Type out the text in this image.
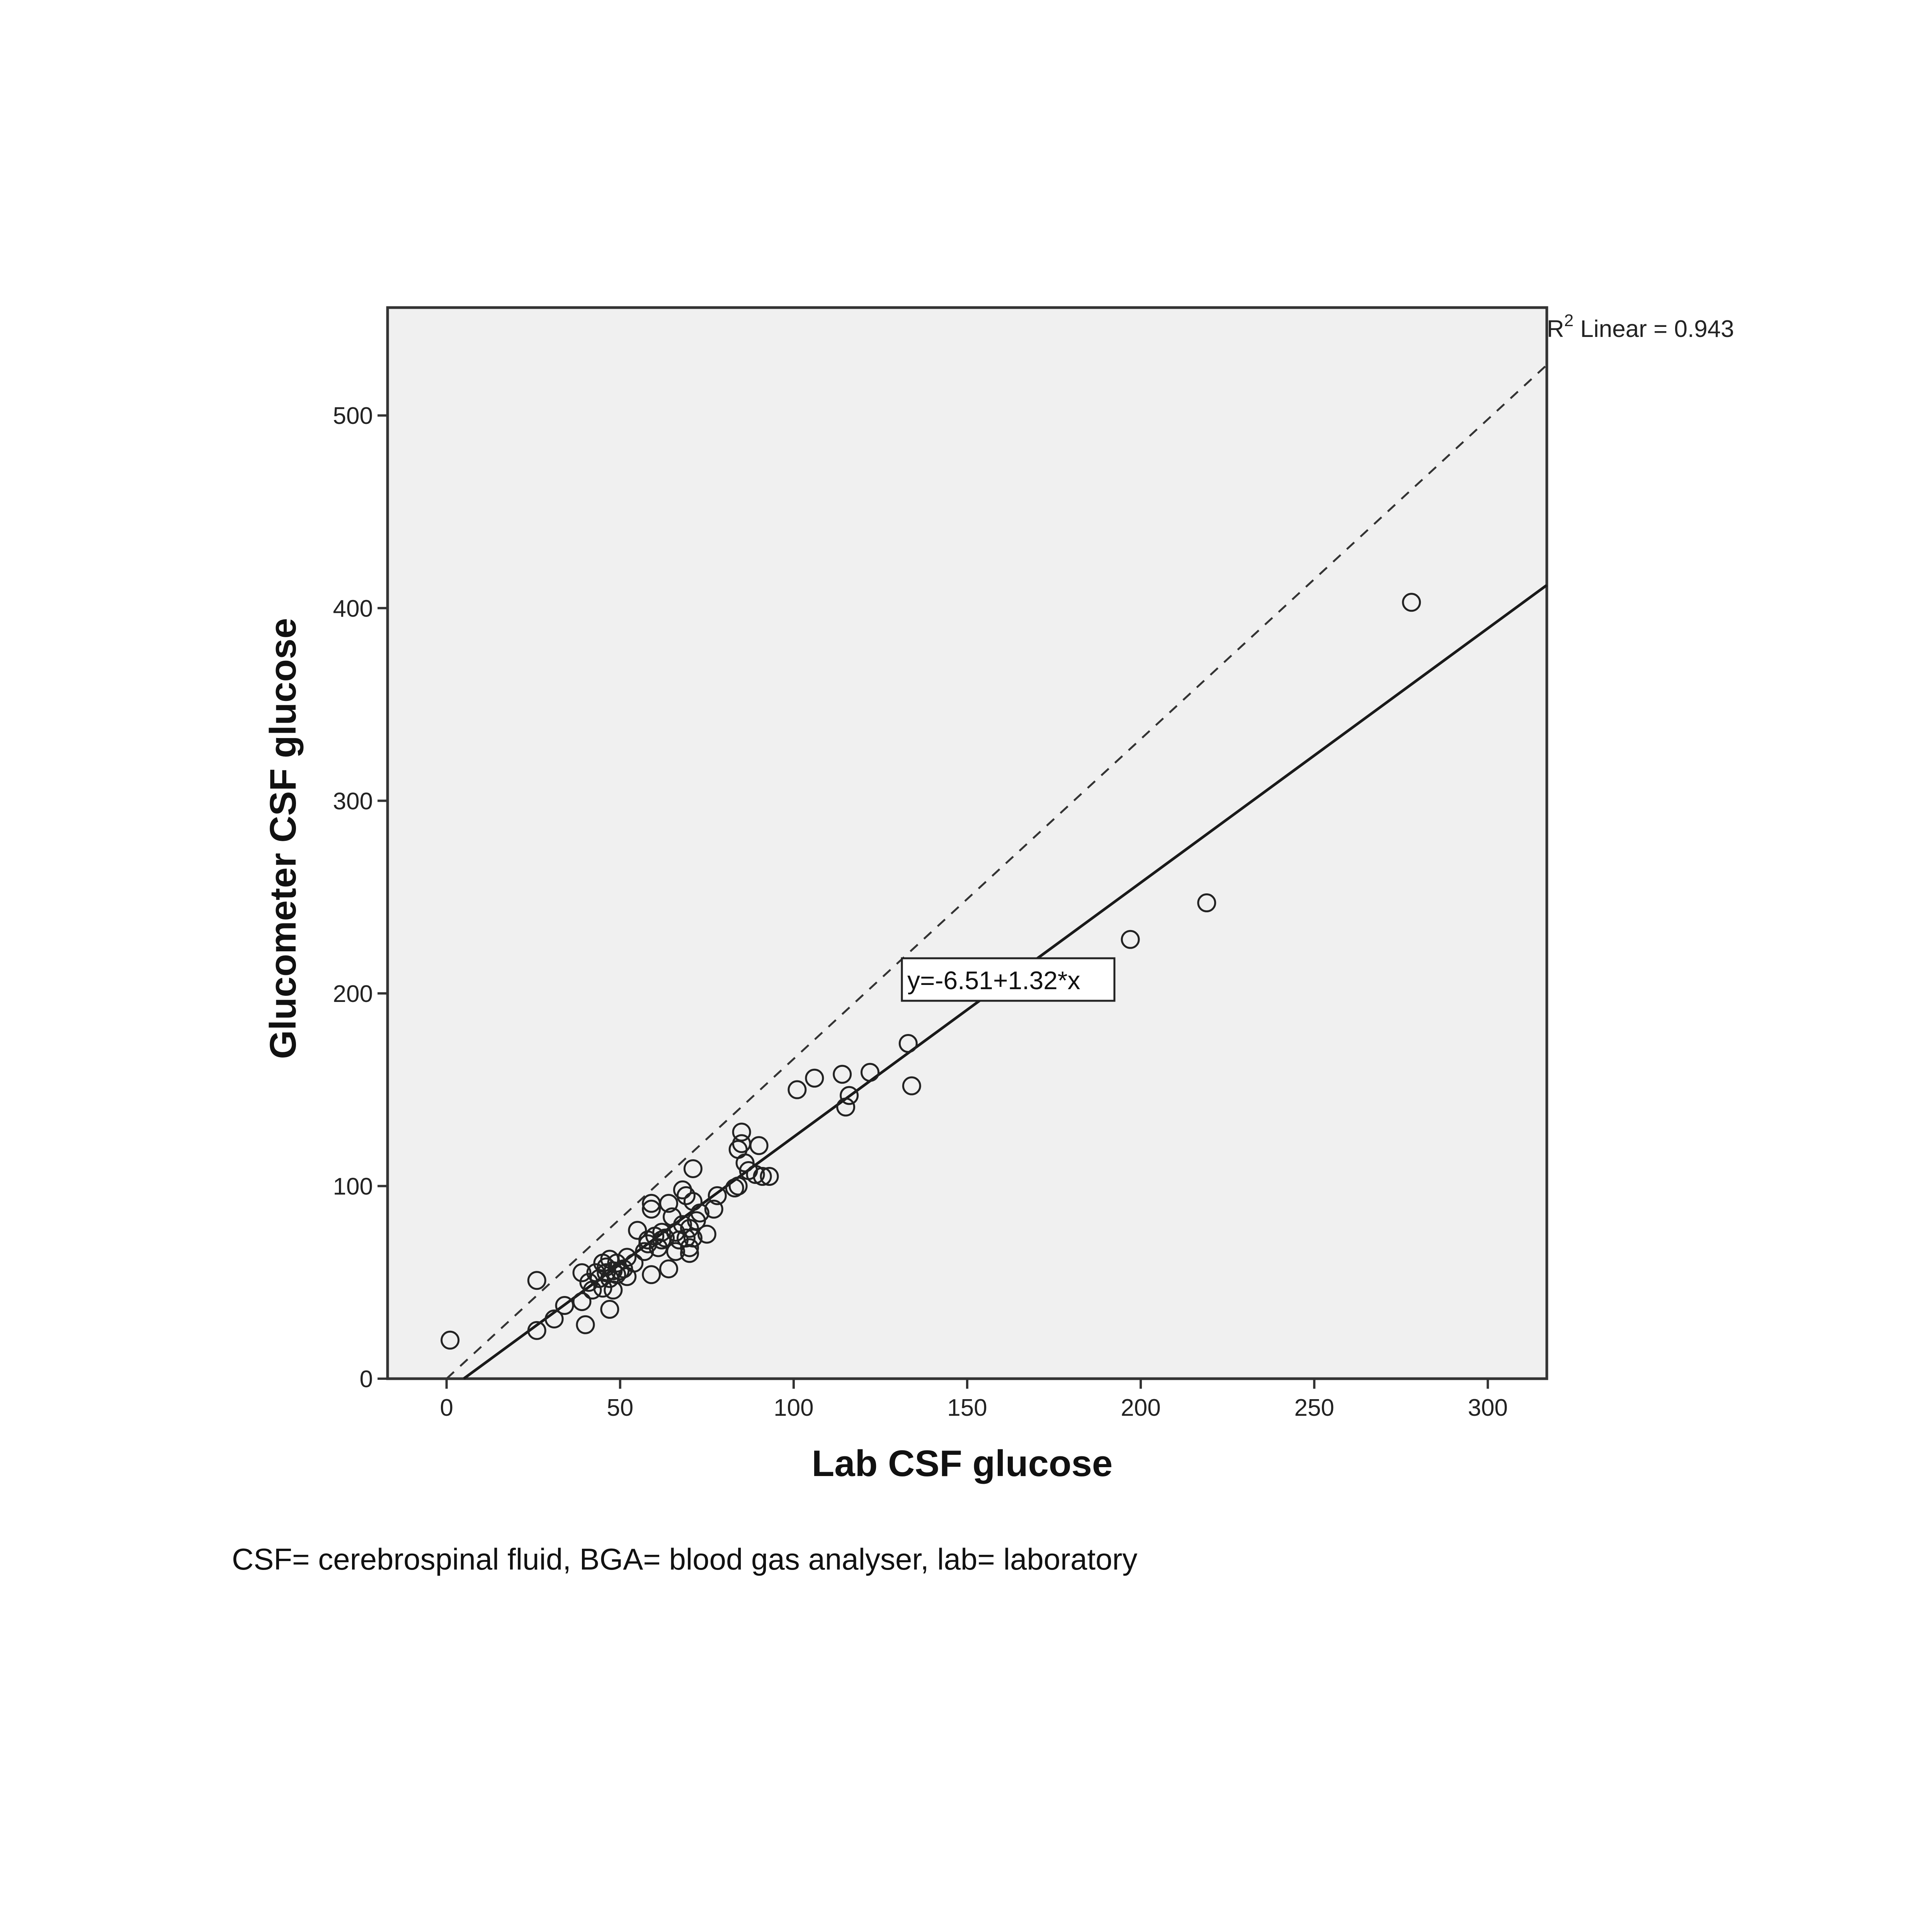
0	50	100	150	200	250	300
0
100
200
300
400
500
y=-6.51+1.32*x
$R^2$ Linear = 0.943
Lab CSF glucose
Glucometer CSF glucose
CSF= cerebrospinal fluid, BGA= blood gas analyser, lab= laboratory
